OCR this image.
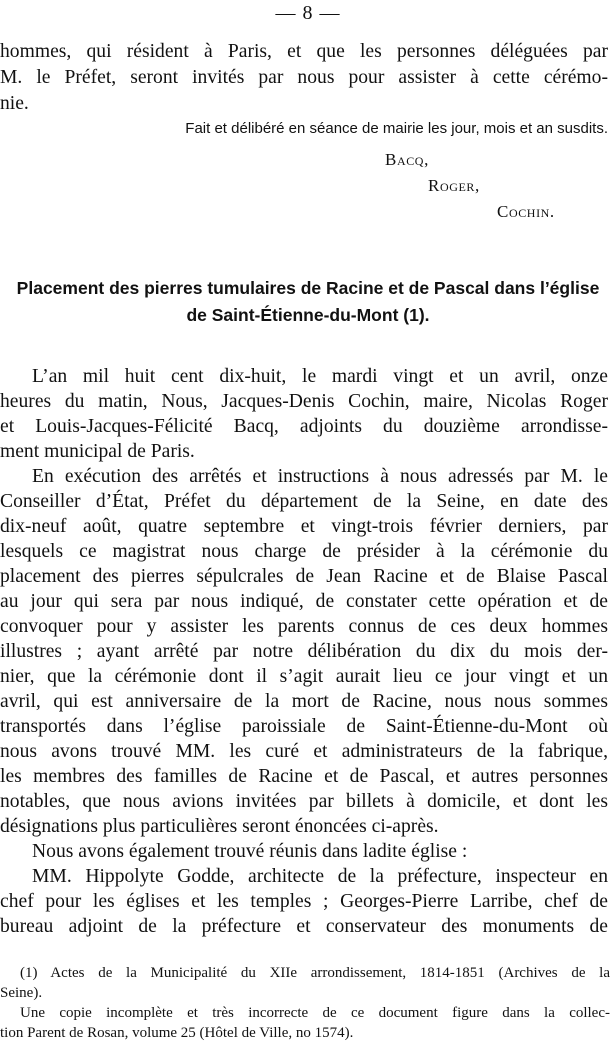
— 8 —
hommes, qui résident à Paris, et que les personnes déléguées par
M. le Préfet, seront invités par nous pour assister à cette cérémo-
nie.
Fait et délibéré en séance de mairie les jour, mois et an susdits.
Bacq,
Roger,
Cochin.
Placement des pierres tumulaires de Racine et de Pascal dans l’église
de Saint-Étienne-du-Mont (1).
L’an mil huit cent dix-huit, le mardi vingt et un avril, onze
heures du matin, Nous, Jacques-Denis Cochin, maire, Nicolas Roger
et Louis-Jacques-Félicité Bacq, adjoints du douzième arrondisse-
ment municipal de Paris.
En exécution des arrêtés et instructions à nous adressés par M. le
Conseiller d’État, Préfet du département de la Seine, en date des
dix-neuf août, quatre septembre et vingt-trois février derniers, par
lesquels ce magistrat nous charge de présider à la cérémonie du
placement des pierres sépulcrales de Jean Racine et de Blaise Pascal
au jour qui sera par nous indiqué, de constater cette opération et de
convoquer pour y assister les parents connus de ces deux hommes
illustres ; ayant arrêté par notre délibération du dix du mois der-
nier, que la cérémonie dont il s’agit aurait lieu ce jour vingt et un
avril, qui est anniversaire de la mort de Racine, nous nous sommes
transportés dans l’église paroissiale de Saint-Étienne-du-Mont où
nous avons trouvé MM. les curé et administrateurs de la fabrique,
les membres des familles de Racine et de Pascal, et autres personnes
notables, que nous avions invitées par billets à domicile, et dont les
désignations plus particulières seront énoncées ci-après.
Nous avons également trouvé réunis dans ladite église :
MM. Hippolyte Godde, architecte de la préfecture, inspecteur en
chef pour les églises et les temples ; Georges-Pierre Larribe, chef de
bureau adjoint de la préfecture et conservateur des monuments de
(1) Actes de la Municipalité du XIIe arrondissement, 1814-1851 (Archives de la
Seine).
Une copie incomplète et très incorrecte de ce document figure dans la collec-
tion Parent de Rosan, volume 25 (Hôtel de Ville, no 1574).
